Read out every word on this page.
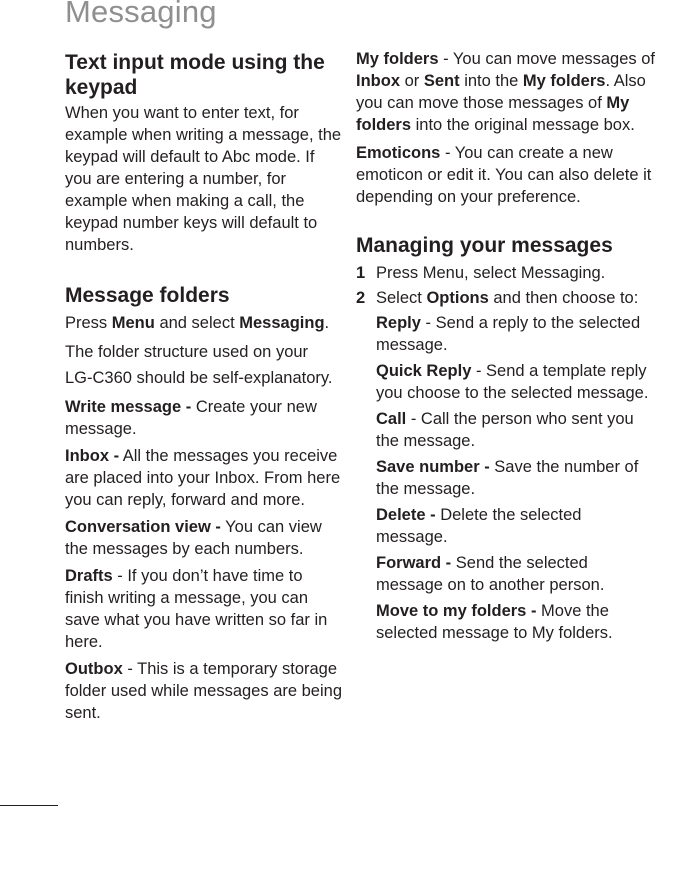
Messaging
Text input mode using the keypad

When you want to enter text, for example when writing a message, the keypad will default to Abc mode. If you are entering a number, for example when making a call, the keypad number keys will default to numbers.

Message folders

Press Menu and select Messaging.

The folder structure used on your

LG-C360 should be self-explanatory.

Write message - Create your new message.

Inbox - All the messages you receive are placed into your Inbox. From here you can reply, forward and more.

Conversation view - You can view the messages by each numbers.

Drafts - If you don’t have time to finish writing a message, you can save what you have written so far in here.

Outbox - This is a temporary storage folder used while messages are being sent.

My folders - You can move messages of Inbox or Sent into the My folders. Also you can move those messages of My folders into the original message box.

Emoticons - You can create a new emoticon or edit it. You can also delete it depending on your preference.

Managing your messages
1 Press Menu, select Messaging.
2 Select Options and then choose to:

Reply - Send a reply to the selected message.

Quick Reply - Send a template reply you choose to the selected message.

Call - Call the person who sent you the message.

Save number - Save the number of the message.

Delete - Delete the selected message.

Forward - Send the selected message on to another person.

Move to my folders - Move the selected message to My folders.
